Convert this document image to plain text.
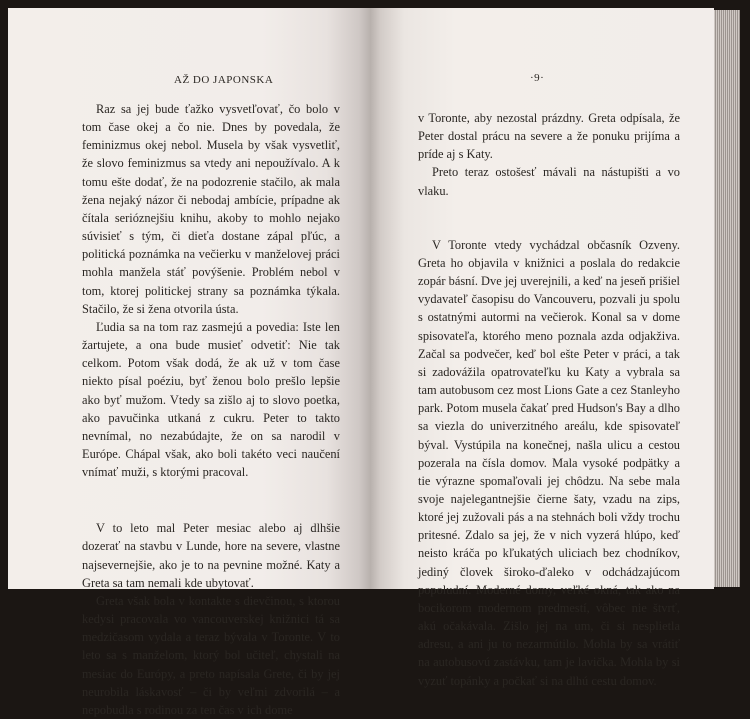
AŽ DO JAPONSKA

Raz sa jej bude ťažko vysvetľovať, čo bolo v tom čase okej a čo nie. Dnes by povedala, že feminizmus okej nebol. Musela by však vysvetliť, že slovo feminizmus sa vtedy ani nepoužívalo. A k tomu ešte dodať, že na podozrenie stačilo, ak mala žena nejaký názor či nebodaj ambície, prípadne ak čítala serióznejšiu knihu, akoby to mohlo nejako súvisieť s tým, či dieťa dostane zápal pľúc, a politická poznámka na večierku v manželovej práci mohla manžela stáť povýšenie. Problém nebol v tom, ktorej politickej strany sa poznámka týkala. Stačilo, že si žena otvorila ústa.

Ľudia sa na tom raz zasmejú a povedia: Iste len žartujete, a ona bude musieť odvetiť: Nie tak celkom. Potom však dodá, že ak už v tom čase niekto písal poéziu, byť ženou bolo prešlo lepšie ako byť mužom. Vtedy sa zišlo aj to slovo poetka, ako pavučinka utkaná z cukru. Peter to takto nevnímal, no nezabúdajte, že on sa narodil v Európe. Chápal však, ako boli takéto veci naučení vnímať muži, s ktorými pracoval.

V to leto mal Peter mesiac alebo aj dlhšie dozerať na stavbu v Lunde, hore na severe, vlastne najsevernejšie, ako je to na pevnine možné. Katy a Greta sa tam nemali kde ubytovať.

Greta však bola v kontakte s dievčinou, s ktorou kedysi pracovala vo vancouverskej knižnici tá sa medzičasom vydala a teraz bývala v Toronte. V to leto sa s manželom, ktorý bol učiteľ, chystali na mesiac do Európy, a preto napísala Grete, či by jej neurobila láskavosť – či by veľmi zdvorilá – a nepobudla s rodinou za ten čas v ich dome

·9·

v Toronte, aby nezostal prázdny. Greta odpísala, že Peter dostal prácu na severe a že ponuku prijíma a príde aj s Katy.

Preto teraz ostošesť mávali na nástupišti a vo vlaku.

V Toronte vtedy vychádzal občasník Ozveny. Greta ho objavila v knižnici a poslala do redakcie zopár básní. Dve jej uverejnili, a keď na jeseň prišiel vydavateľ časopisu do Vancouveru, pozvali ju spolu s ostatnými autormi na večierok. Konal sa v dome spisovateľa, ktorého meno poznala azda odjakživa. Začal sa podvečer, keď bol ešte Peter v práci, a tak si zadovážila opatrovateľku ku Katy a vybrala sa tam autobusom cez most Lions Gate a cez Stanleyho park. Potom musela čakať pred Hudson's Bay a dlho sa viezla do univerzitného areálu, kde spisovateľ býval. Vystúpila na konečnej, našla ulicu a cestou pozerala na čísla domov. Mala vysoké podpätky a tie výrazne spomaľovali jej chôdzu. Na sebe mala svoje najelegantnejšie čierne šaty, vzadu na zips, ktoré jej zužovali pás a na stehnách boli vždy trochu pritesné. Zdalo sa jej, že v nich vyzerá hlúpo, keď neisto kráča po kľukatých uliciach bez chodníkov, jediný človek široko-ďaleko v odchádzajúcom popoludní. Moderné domy, veľké okná, tak ako na bocikorom modernom predmestí, vôbec nie štvrť, akú očakávala. Zišlo jej na um, či si nesplietla adresu, a ani ju to nezarmútilo. Mohla by sa vrátiť na autobusovú zastávku, tam je lavička. Mohla by si vyzuť topánky a počkať si na dlhú cestu domov.
